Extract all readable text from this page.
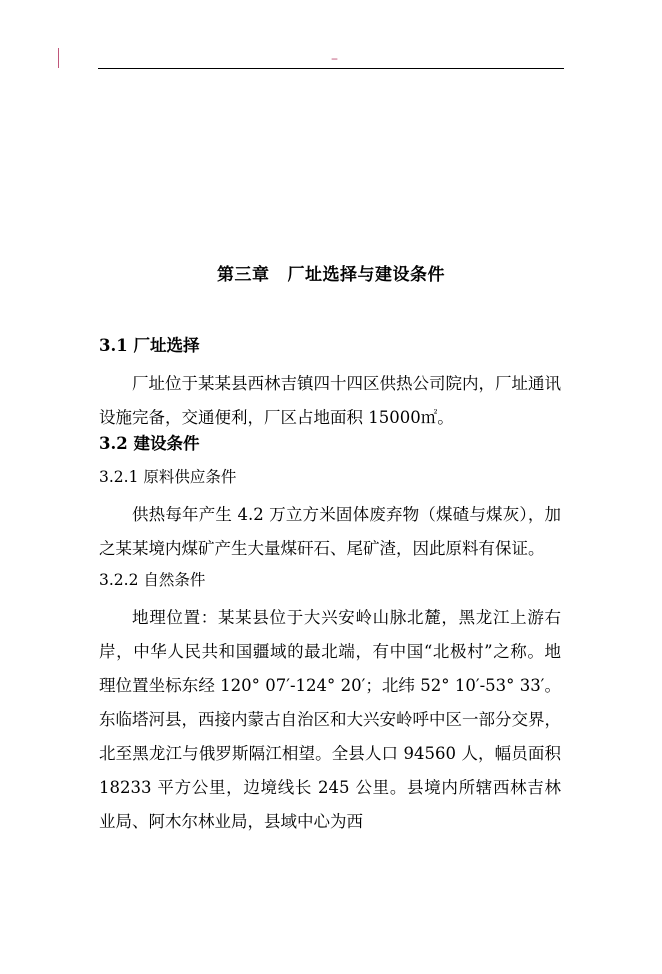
–
第三章 厂址选择与建设条件
3.1 厂址选择

厂址位于某某县西林吉镇四十四区供热公司院内，厂址通讯设施完备，交通便利，厂区占地面积 15000㎡。

3.2 建设条件
3.2.1 原料供应条件

供热每年产生 4.2 万立方米固体废弃物（煤碴与煤灰），加之某某境内煤矿产生大量煤矸石、尾矿渣，因此原料有保证。

3.2.2 自然条件

地理位置：某某县位于大兴安岭山脉北麓，黑龙江上游右岸，中华人民共和国疆域的最北端，有中国“北极村”之称。地理位置坐标东经 120° 07′-124° 20′；北纬 52° 10′-53° 33′。东临塔河县，西接内蒙古自治区和大兴安岭呼中区一部分交界，北至黑龙江与俄罗斯隔江相望。全县人口 94560 人，幅员面积 18233 平方公里，边境线长 245 公里。县境内所辖西林吉林业局、阿木尔林业局，县域中心为西
